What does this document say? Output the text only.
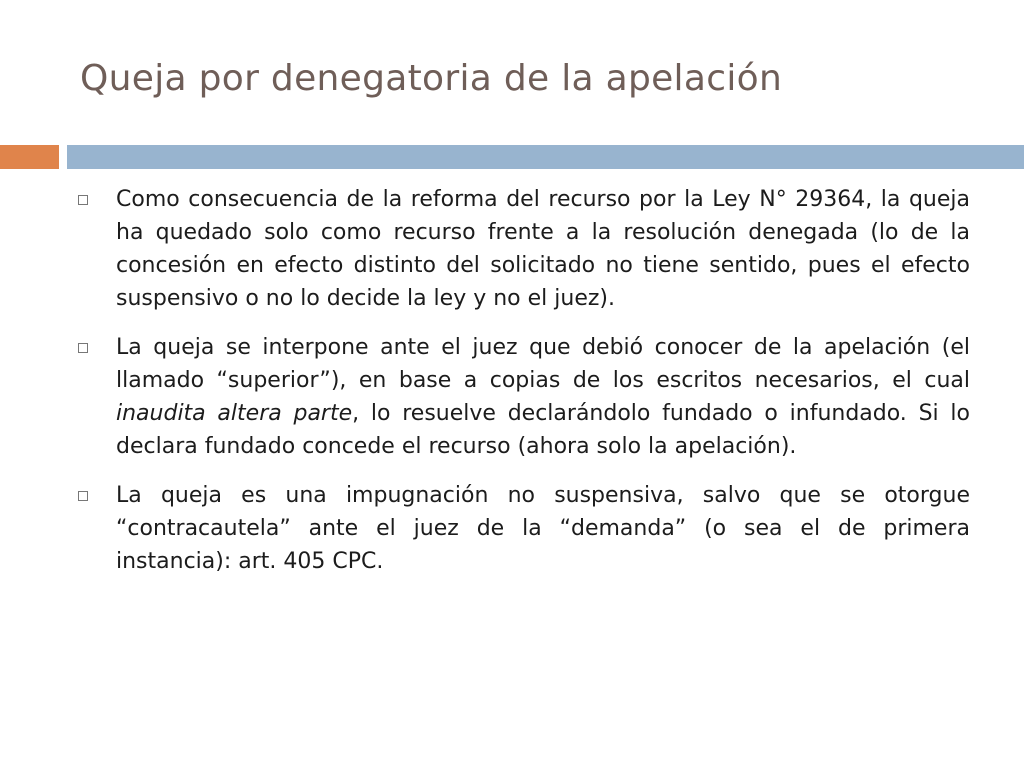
Queja por denegatoria de la apelación

Como consecuencia de la reforma del recurso por la Ley N° 29364, la queja ha quedado solo como recurso frente a la resolución denegada (lo de la concesión en efecto distinto del solicitado no tiene sentido, pues el efecto suspensivo o no lo decide la ley y no el juez).

La queja se interpone ante el juez que debió conocer de la apelación (el llamado “superior”), en base a copias de los escritos necesarios, el cual inaudita altera parte, lo resuelve declarándolo fundado o infundado. Si lo declara fundado concede el recurso (ahora solo la apelación).

La queja es una impugnación no suspensiva, salvo que se otorgue “contracautela” ante el juez de la “demanda” (o sea el de primera instancia): art. 405 CPC.
